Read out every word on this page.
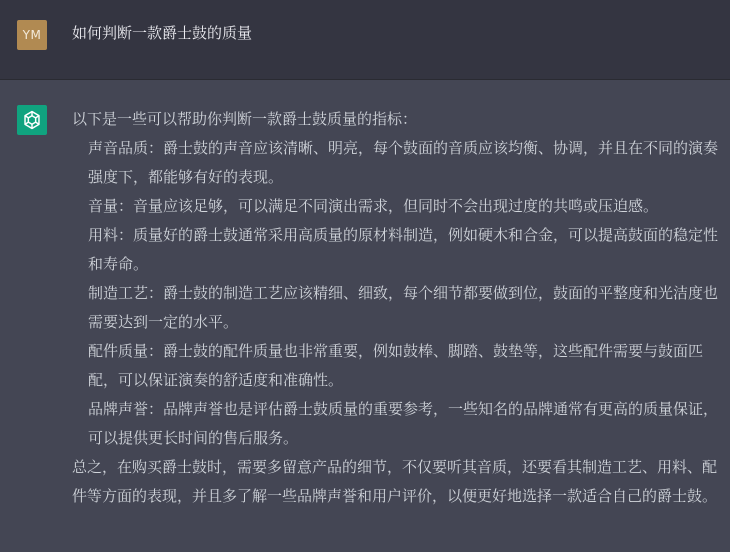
YM	如何判断一款爵士鼓的质量

以下是一些可以帮助你判断一款爵士鼓质量的指标：

声音品质：爵士鼓的声音应该清晰、明亮，每个鼓面的音质应该均衡、协调，并且在不同的演奏强度下，都能够有好的表现。

音量：音量应该足够，可以满足不同演出需求，但同时不会出现过度的共鸣或压迫感。

用料：质量好的爵士鼓通常采用高质量的原材料制造，例如硬木和合金，可以提高鼓面的稳定性和寿命。

制造工艺：爵士鼓的制造工艺应该精细、细致，每个细节都要做到位，鼓面的平整度和光洁度也需要达到一定的水平。

配件质量：爵士鼓的配件质量也非常重要，例如鼓棒、脚踏、鼓垫等，这些配件需要与鼓面匹配，可以保证演奏的舒适度和准确性。

品牌声誉：品牌声誉也是评估爵士鼓质量的重要参考，一些知名的品牌通常有更高的质量保证，可以提供更长时间的售后服务。

总之，在购买爵士鼓时，需要多留意产品的细节，不仅要听其音质，还要看其制造工艺、用料、配件等方面的表现，并且多了解一些品牌声誉和用户评价，以便更好地选择一款适合自己的爵士鼓。
